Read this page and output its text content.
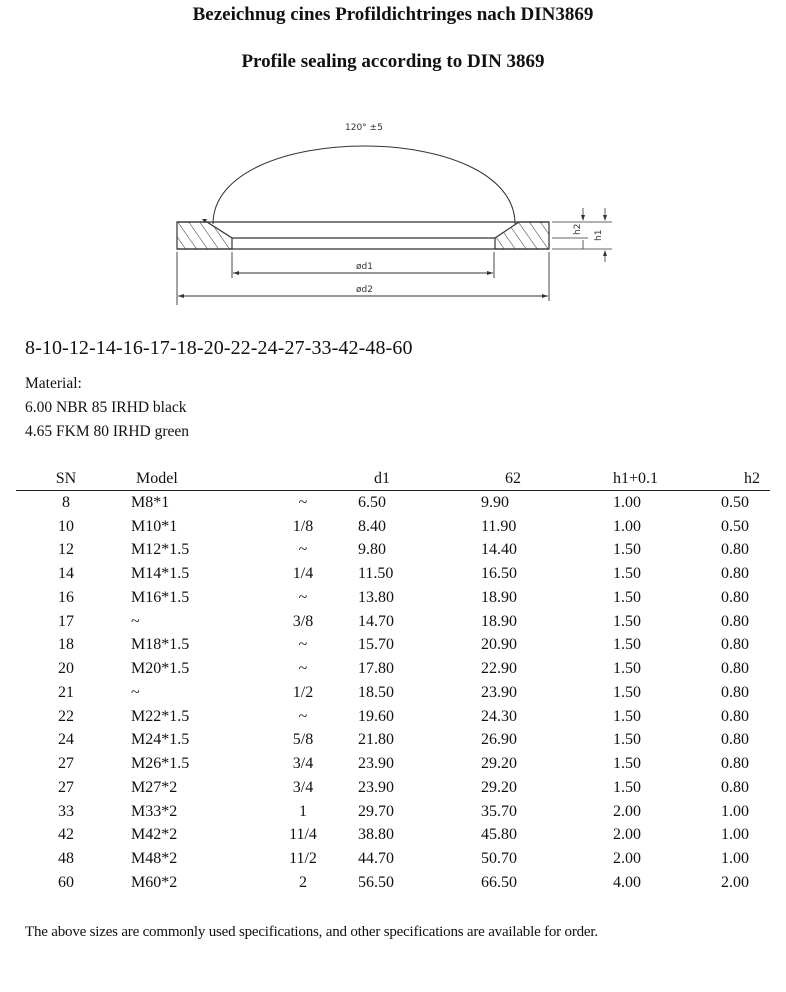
Bezeichnug cines Profildichtringes nach DIN3869
Profile sealing according to DIN 3869
120° ±5
ød1
ød2
h2
h1
8-10-12-14-16-17-18-20-22-24-27-33-42-48-60
Material:
6.00 NBR 85 IRHD black
4.65 FKM 80 IRHD green
SN	Model		d1	62	h1+0.1	h2
8	M8*1	~	6.50	9.90	1.00	0.50
10	M10*1	1/8	8.40	11.90	1.00	0.50
12	M12*1.5	~	9.80	14.40	1.50	0.80
14	M14*1.5	1/4	11.50	16.50	1.50	0.80
16	M16*1.5	~	13.80	18.90	1.50	0.80
17	~	3/8	14.70	18.90	1.50	0.80
18	M18*1.5	~	15.70	20.90	1.50	0.80
20	M20*1.5	~	17.80	22.90	1.50	0.80
21	~	1/2	18.50	23.90	1.50	0.80
22	M22*1.5	~	19.60	24.30	1.50	0.80
24	M24*1.5	5/8	21.80	26.90	1.50	0.80
27	M26*1.5	3/4	23.90	29.20	1.50	0.80
27	M27*2	3/4	23.90	29.20	1.50	0.80
33	M33*2	1	29.70	35.70	2.00	1.00
42	M42*2	11/4	38.80	45.80	2.00	1.00
48	M48*2	11/2	44.70	50.70	2.00	1.00
60	M60*2	2	56.50	66.50	4.00	2.00
The above sizes are commonly used specifications, and other specifications are available for order.
